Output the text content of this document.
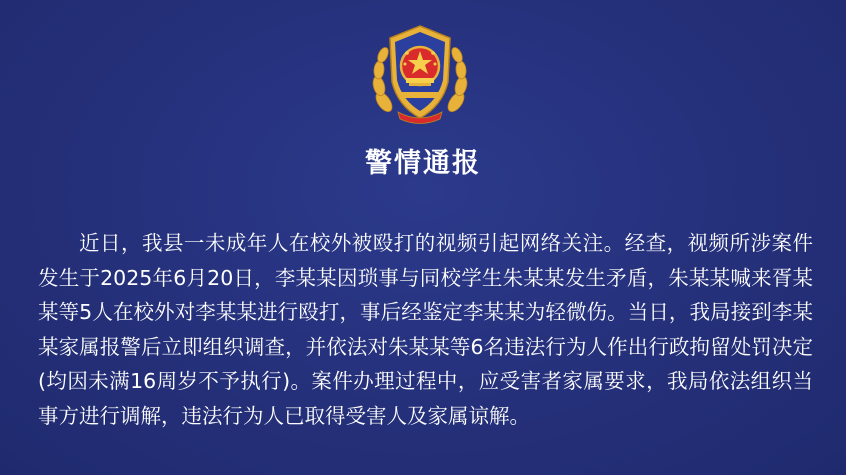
警情通报

近日，我县一未成年人在校外被殴打的视频引起网络关注。经查，视频所涉案件发生于2025年6月20日，李某某因琐事与同校学生朱某某发生矛盾，朱某某喊来胥某某等5人在校外对李某某进行殴打，事后经鉴定李某某为轻微伤。当日，我局接到李某某家属报警后立即组织调查，并依法对朱某某等6名违法行为人作出行政拘留处罚决定(均因未满16周岁不予执行)。案件办理过程中，应受害者家属要求，我局依法组织当事方进行调解，违法行为人已取得受害人及家属谅解。
